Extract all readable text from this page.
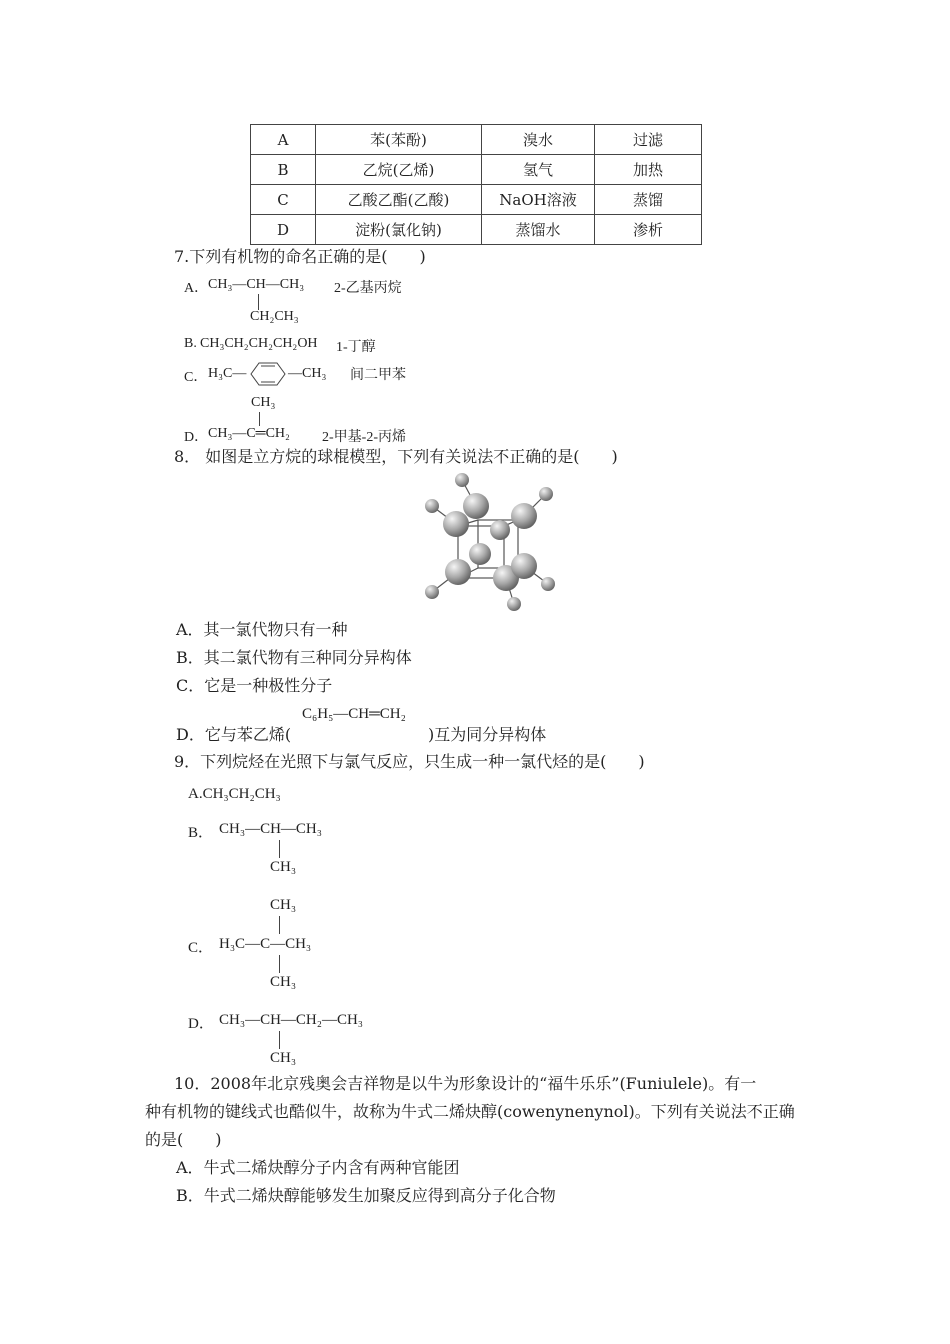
A	苯(苯酚)	溴水	过滤
B	乙烷(乙烯)	氢气	加热
C	乙酸乙酯(乙酸)	NaOH溶液	蒸馏
D	淀粉(氯化钠)	蒸馏水	渗析
7.下列有机物的命名正确的是(　　)
A． CH₃—CH—CH₃
CH₂CH₃
2-乙基丙烷
B. CH₃CH₂CH₂CH₂OH 1-丁醇
C． H₃C—	—CH₃ 间二甲苯
CH₃
D． CH₃—C═CH₂ 2-甲基-2-丙烯
8． 如图是立方烷的球棍模型，下列有关说法不正确的是(　　)
A．其一氯代物只有一种
B．其二氯代物有三种同分异构体
C．它是一种极性分子
D．它与苯乙烯(
C₆H₅—CH═CH₂
)互为同分异构体
9．下列烷烃在光照下与氯气反应，只生成一种一氯代烃的是(　　)
A.CH₃CH₂CH₃
B． CH₃—CH—CH₃
CH₃
CH₃
C． H₃C—C—CH₃
CH₃
D． CH₃—CH—CH₂—CH₃
CH₃
10．2008年北京残奥会吉祥物是以牛为形象设计的“福牛乐乐”(Funiulele)。有一
种有机物的键线式也酷似牛，故称为牛式二烯炔醇(cowenynenynol)。下列有关说法不正确
的是(　　)
A．牛式二烯炔醇分子内含有两种官能团
B．牛式二烯炔醇能够发生加聚反应得到高分子化合物
